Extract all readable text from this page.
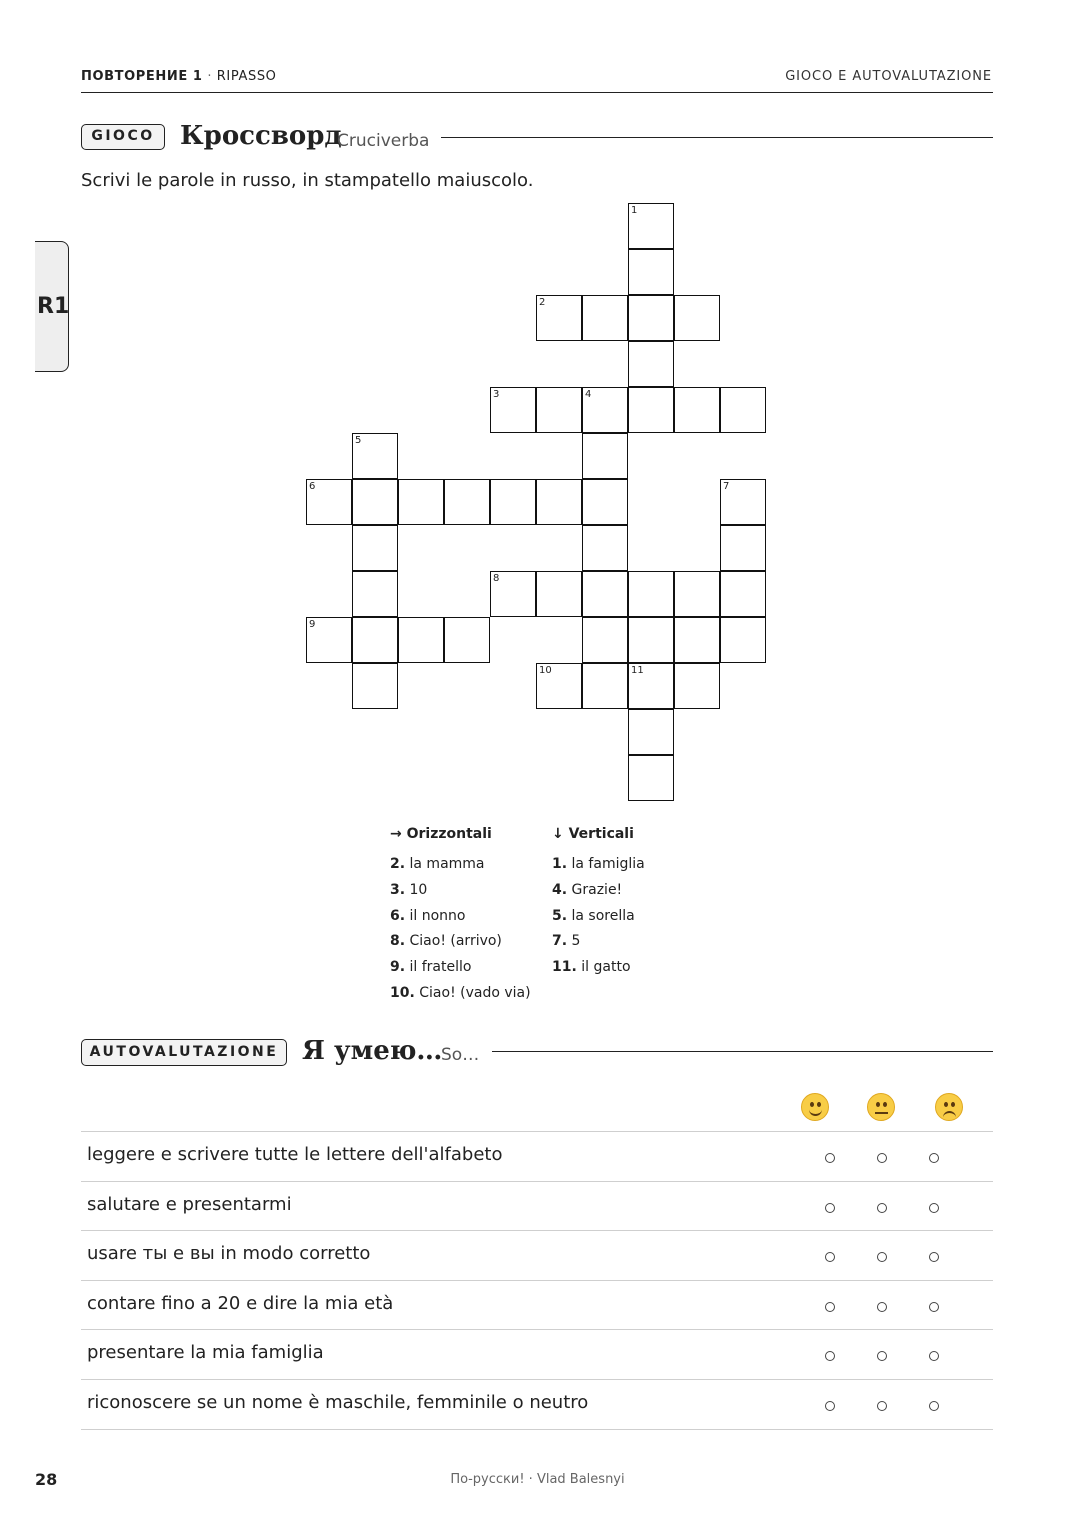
ПОВТОРЕНИЕ 1 · RIPASSO	GIOCO E AUTOVALUTAZIONE
R1
GIOCO Кроссворд
Cruciverba
Scrivi le parole in russo, in stampatello maiuscolo.
1
2
3	4
5
6	7
8
9
10	11
→ Orizzontali
2. la mamma
3. 10
6. il nonno
8. Ciao! (arrivo)
9. il fratello
10. Ciao! (vado via)
↓ Verticali
1. la famiglia
4. Grazie!
5. la sorella
7. 5
11. il gatto
AUTOVALUTAZIONE Я умею…
So…
leggere e scrivere tutte le lettere dell'alfabeto
salutare e presentarmi
usare ты e вы in modo corretto
contare fino a 20 e dire la mia età
presentare la mia famiglia
riconoscere se un nome è maschile, femminile o neutro
28	По-русски! · Vlad Balesnyi
